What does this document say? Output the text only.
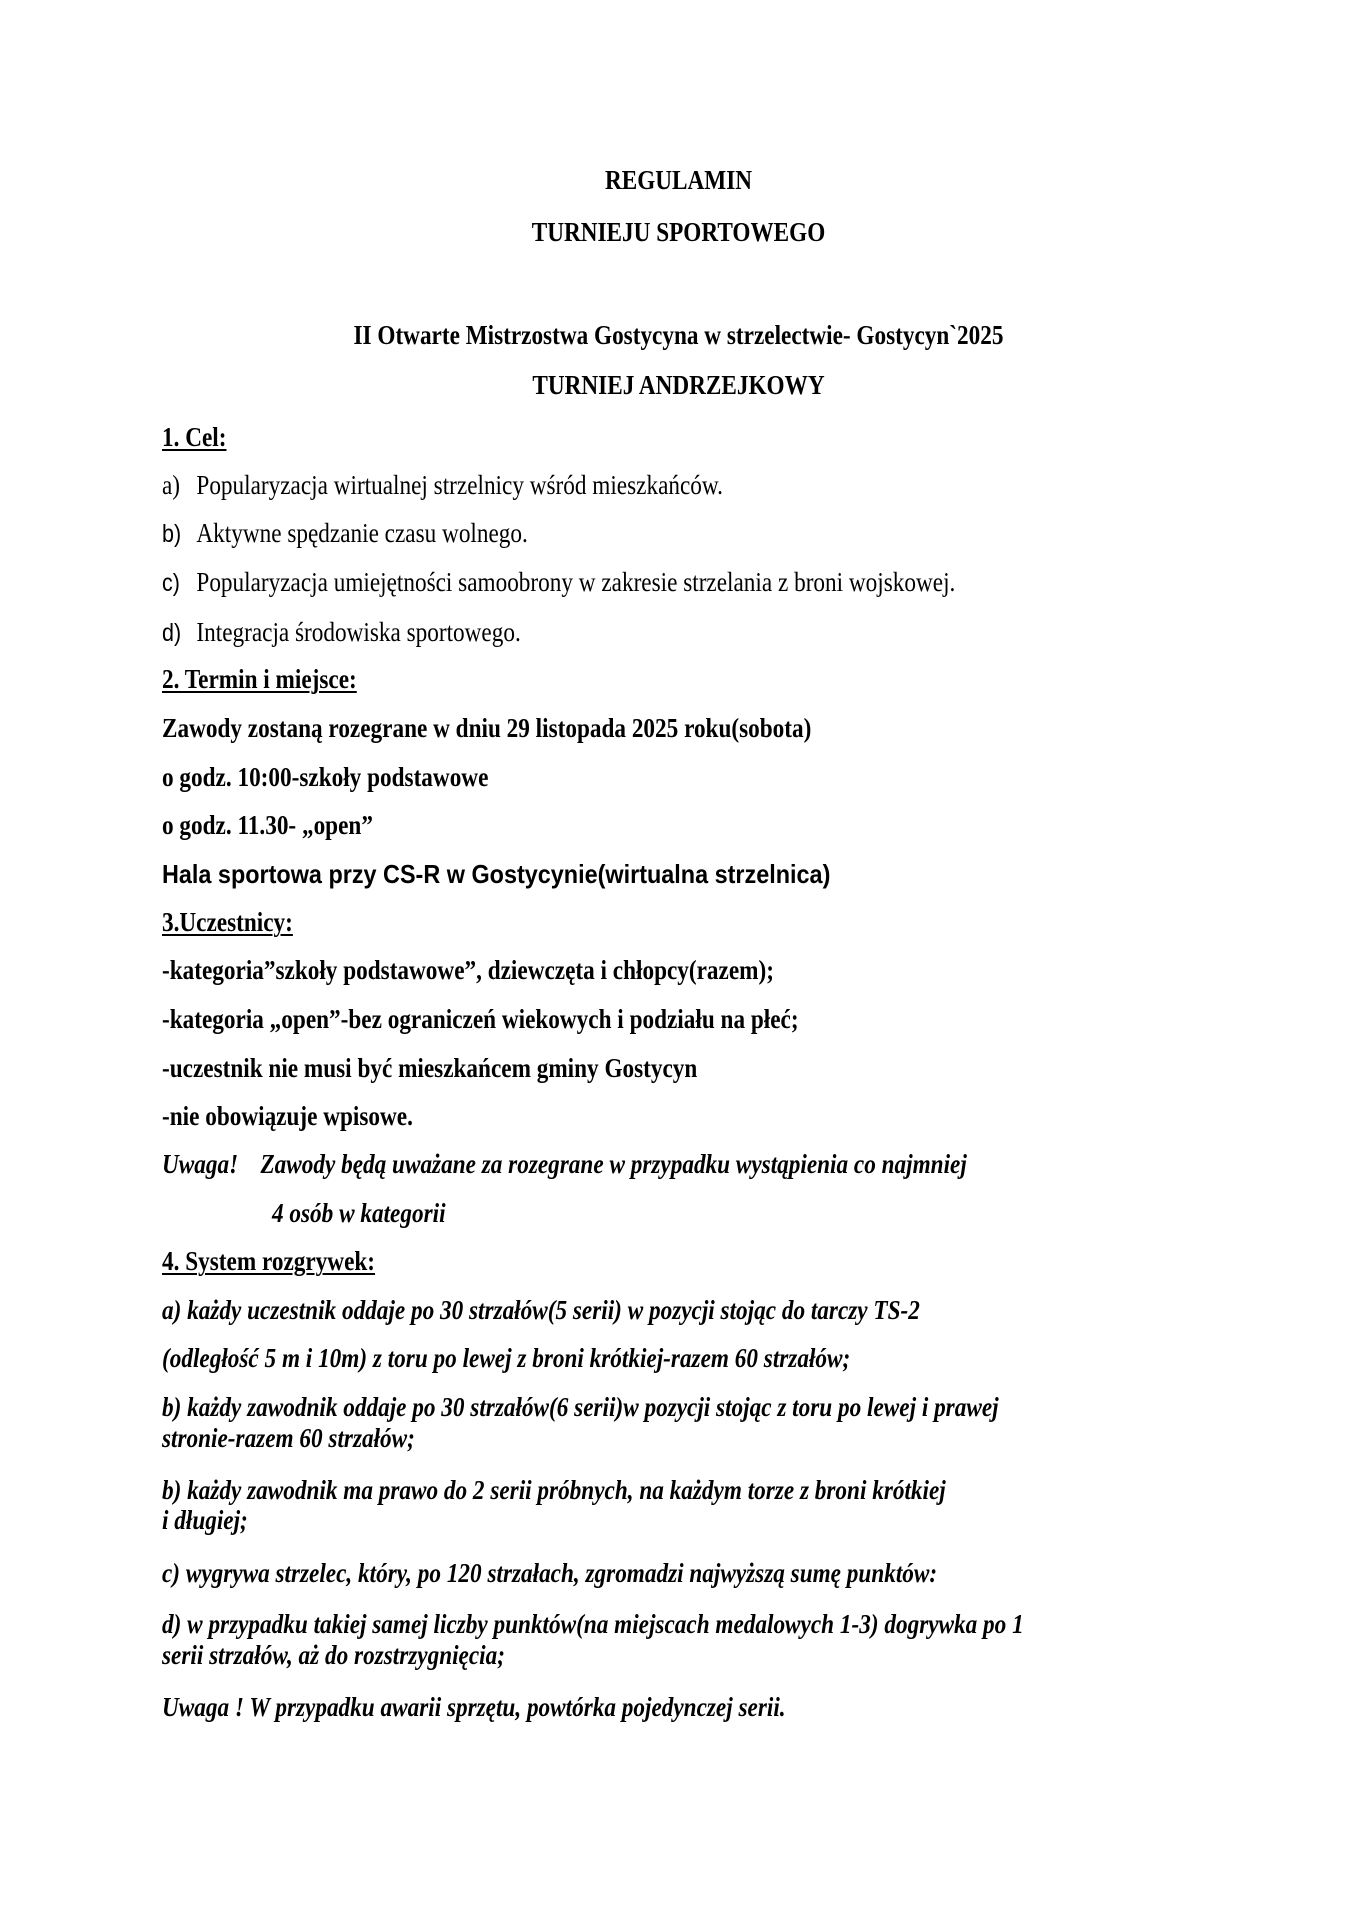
REGULAMIN
TURNIEJU SPORTOWEGO
II Otwarte Mistrzostwa Gostycyna w strzelectwie- Gostycyn`2025
TURNIEJ ANDRZEJKOWY
1. Cel:
a) Popularyzacja wirtualnej strzelnicy wśród mieszkańców.
b) Aktywne spędzanie czasu wolnego.
c) Popularyzacja umiejętności samoobrony w zakresie strzelania z broni wojskowej.
d) Integracja środowiska sportowego.
2. Termin i miejsce:
Zawody zostaną rozegrane w dniu 29 listopada 2025 roku(sobota)
o godz. 10:00-szkoły podstawowe
o godz. 11.30- „open”
Hala sportowa przy CS-R w Gostycynie(wirtualna strzelnica)
3.Uczestnicy:
-kategoria”szkoły podstawowe”, dziewczęta i chłopcy(razem);
-kategoria „open”-bez ograniczeń wiekowych i podziału na płeć;
-uczestnik nie musi być mieszkańcem gminy Gostycyn
-nie obowiązuje wpisowe.
Uwaga! Zawody będą uważane za rozegrane w przypadku wystąpienia co najmniej
4 osób w kategorii
4. System rozgrywek:
a) każdy uczestnik oddaje po 30 strzałów(5 serii) w pozycji stojąc do tarczy TS-2
(odległość 5 m i 10m) z toru po lewej z broni krótkiej-razem 60 strzałów;
b) każdy zawodnik oddaje po 30 strzałów(6 serii)w pozycji stojąc z toru po lewej i prawej
stronie-razem 60 strzałów;
b) każdy zawodnik ma prawo do 2 serii próbnych, na każdym torze z broni krótkiej
i długiej;
c) wygrywa strzelec, który, po 120 strzałach, zgromadzi najwyższą sumę punktów:
d) w przypadku takiej samej liczby punktów(na miejscach medalowych 1-3) dogrywka po 1
serii strzałów, aż do rozstrzygnięcia;
Uwaga ! W przypadku awarii sprzętu, powtórka pojedynczej serii.
